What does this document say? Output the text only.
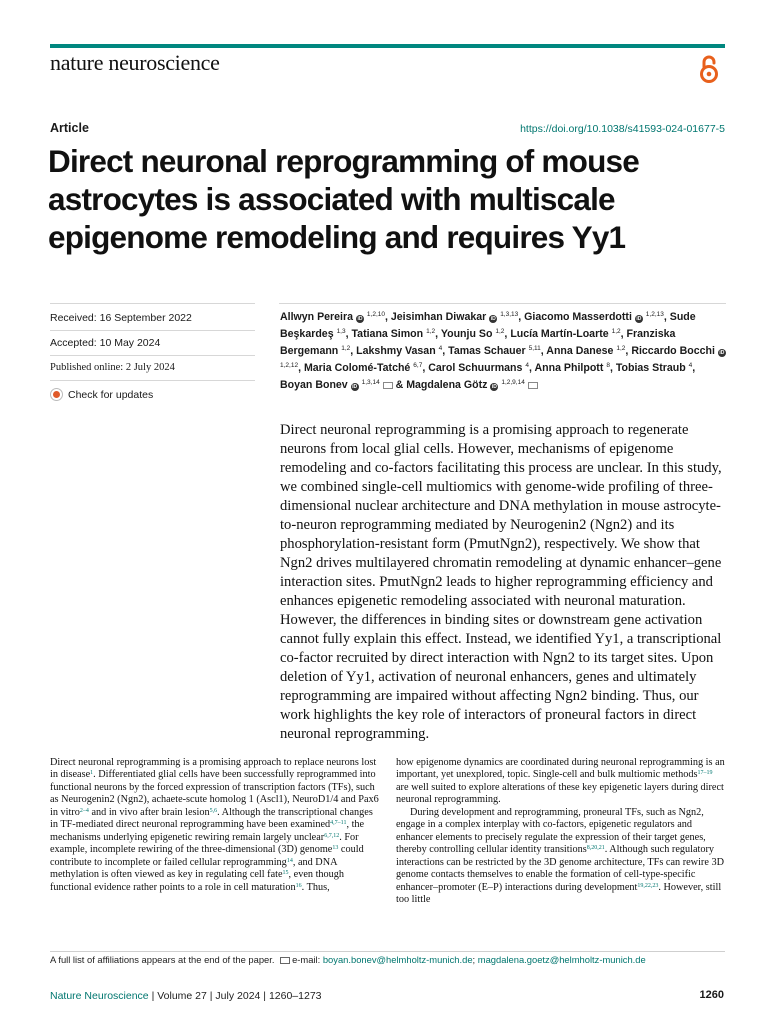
nature neuroscience
Article	https://doi.org/10.1038/s41593-024-01677-5
Direct neuronal reprogramming of mouse astrocytes is associated with multiscale epigenome remodeling and requires Yy1
Received: 16 September 2022
Accepted: 10 May 2024
Published online: 2 July 2024
Check for updates
Allwyn Pereira iD $^{1,2,10}$, Jeisimhan Diwakar iD $^{1,3,13}$, Giacomo Masserdotti iD $^{1,2,13}$, Sude Beşkardeş $^{1,3}$, Tatiana Simon $^{1,2}$, Younju So $^{1,2}$, Lucía Martín-Loarte $^{1,2}$, Franziska Bergemann $^{1,2}$, Lakshmy Vasan $^4$, Tamas Schauer $^{5,11}$, Anna Danese $^{1,2}$, Riccardo Bocchi iD $^{1,2,12}$, Maria Colomé-Tatché $^{6,7}$, Carol Schuurmans $^4$, Anna Philpott $^8$, Tobias Straub $^4$, Boyan Bonev iD $^{1,3,14}$ & Magdalena Götz iD $^{1,2,9,14}$

Direct neuronal reprogramming is a promising approach to regenerate neurons from local glial cells. However, mechanisms of epigenome remodeling and co-factors facilitating this process are unclear. In this study, we combined single-cell multiomics with genome-wide profiling of three-dimensional nuclear architecture and DNA methylation in mouse astrocyte-to-neuron reprogramming mediated by Neurogenin2 (Ngn2) and its phosphorylation-resistant form (PmutNgn2), respectively. We show that Ngn2 drives multilayered chromatin remodeling at dynamic enhancer–gene interaction sites. PmutNgn2 leads to higher reprogramming efficiency and enhances epigenetic remodeling associated with neuronal maturation. However, the differences in binding sites or downstream gene activation cannot fully explain this effect. Instead, we identified Yy1, a transcriptional co-factor recruited by direct interaction with Ngn2 to its target sites. Upon deletion of Yy1, activation of neuronal enhancers, genes and ultimately reprogramming are impaired without affecting Ngn2 binding. Thus, our work highlights the key role of interactors of proneural factors in direct neuronal reprogramming.

Direct neuronal reprogramming is a promising approach to replace neurons lost in disease$^1$. Differentiated glial cells have been successfully reprogrammed into functional neurons by the forced expression of transcription factors (TFs), such as Neurogenin2 (Ngn2), achaete-scute homolog 1 (Ascl1), NeuroD1/4 and Pax6 in vitro$^{2-4}$ and in vivo after brain lesion$^{5,6}$. Although the transcriptional changes in TF-mediated direct neuronal reprogramming have been examined$^{4,7-11}$, the mechanisms underlying epigenetic rewiring remain largely unclear$^{6,7,12}$. For example, incomplete rewiring of the three-dimensional (3D) genome$^{13}$ could contribute to incomplete or failed cellular reprogramming$^{14}$, and DNA methylation is often viewed as key in regulating cell fate$^{15}$, even though functional evidence rather points to a role in cell maturation$^{16}$. Thus,

how epigenome dynamics are coordinated during neuronal reprogramming is an important, yet unexplored, topic. Single-cell and bulk multiomic methods$^{17-19}$ are well suited to explore alterations of these key epigenetic layers during direct neuronal reprogramming.

During development and reprogramming, proneural TFs, such as Ngn2, engage in a complex interplay with co-factors, epigenetic regulators and enhancer elements to precisely regulate the expression of their target genes, thereby controlling cellular identity transitions$^{8,20,21}$. Although such regulatory interactions can be restricted by the 3D genome architecture, TFs can rewire 3D genome contacts themselves to enable the formation of cell-type-specific enhancer–promoter (E–P) interactions during development$^{19,22,23}$. However, still too little

A full list of affiliations appears at the end of the paper. e-mail: boyan.bonev@helmholtz-munich.de; magdalena.goetz@helmholtz-munich.de
Nature Neuroscience | Volume 27 | July 2024 | 1260–1273	1260
